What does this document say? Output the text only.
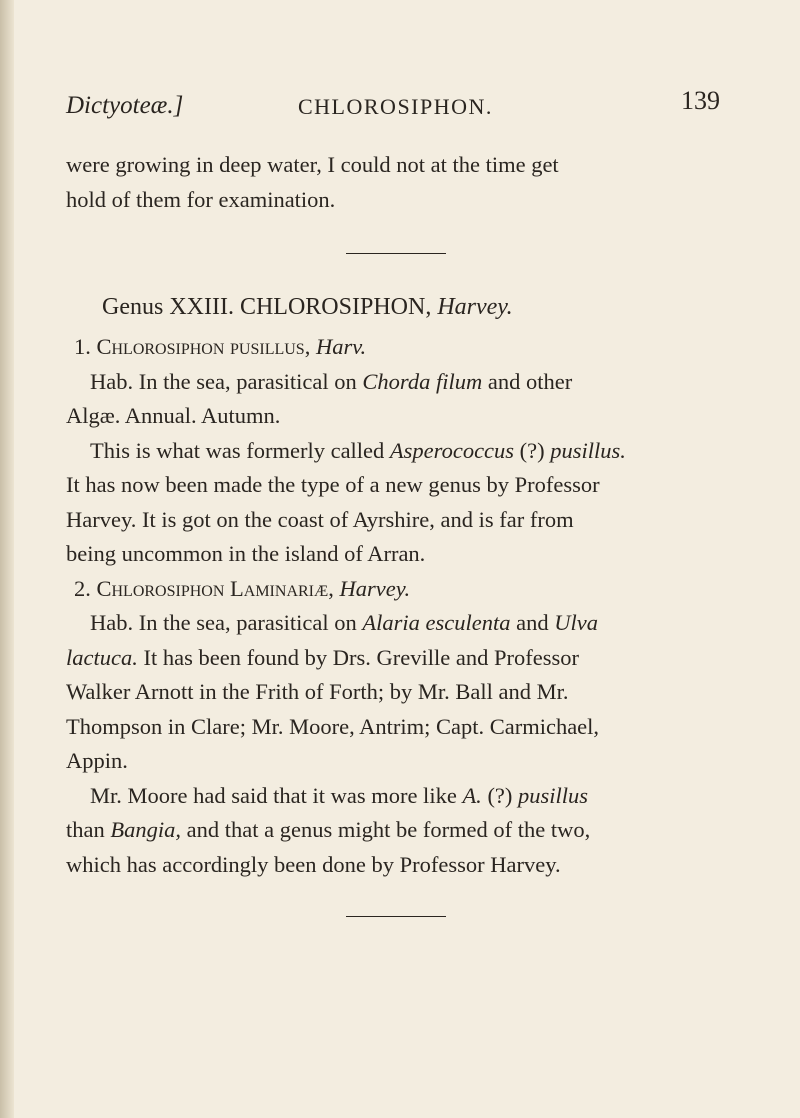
Dictyoteæ.]	CHLOROSIPHON.	139

were growing in deep water, I could not at the time get

hold of them for examination.

Genus XXIII. CHLOROSIPHON, Harvey.

1. Chlorosiphon pusillus, Harv.

Hab. In the sea, parasitical on Chorda filum and other

Algæ. Annual. Autumn.

This is what was formerly called Asperococcus (?) pusillus.

It has now been made the type of a new genus by Professor

Harvey. It is got on the coast of Ayrshire, and is far from

being uncommon in the island of Arran.

2. Chlorosiphon Laminariæ, Harvey.

Hab. In the sea, parasitical on Alaria esculenta and Ulva

lactuca. It has been found by Drs. Greville and Professor

Walker Arnott in the Frith of Forth; by Mr. Ball and Mr.

Thompson in Clare; Mr. Moore, Antrim; Capt. Carmichael,

Appin.

Mr. Moore had said that it was more like A. (?) pusillus

than Bangia, and that a genus might be formed of the two,

which has accordingly been done by Professor Harvey.
